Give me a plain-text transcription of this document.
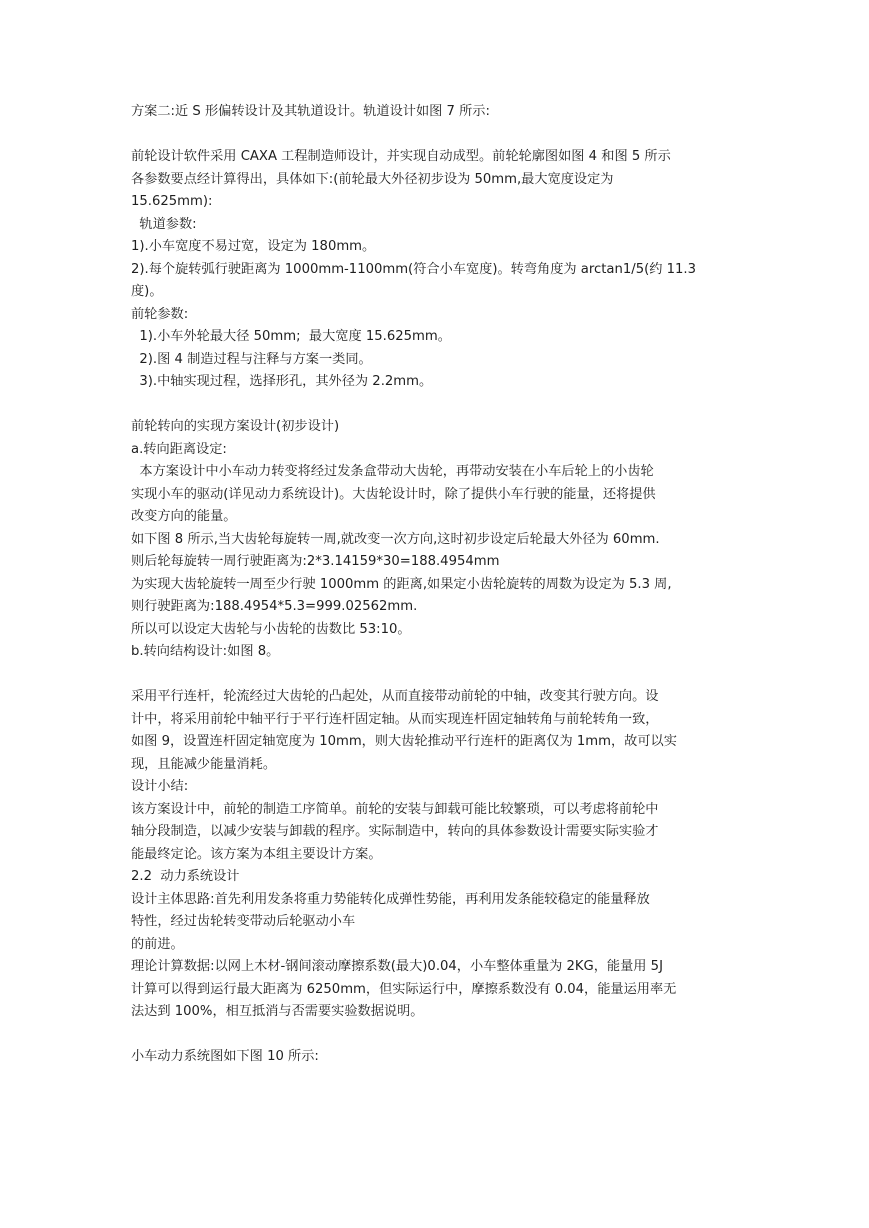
方案二:近 S 形偏转设计及其轨道设计。轨道设计如图 7 所示:

前轮设计软件采用 CAXA 工程制造师设计，并实现自动成型。前轮轮廓图如图 4 和图 5 所示

各参数要点经计算得出，具体如下:(前轮最大外径初步设为 50mm,最大宽度设定为

15.625mm):

轨道参数:

1).小车宽度不易过宽，设定为 180mm。

2).每个旋转弧行驶距离为 1000mm-1100mm(符合小车宽度)。转弯角度为 arctan1/5(约 11.3

度)。

前轮参数:

1).小车外轮最大径 50mm;  最大宽度 15.625mm。

2).图 4 制造过程与注释与方案一类同。

3).中轴实现过程，选择形孔，其外径为 2.2mm。

前轮转向的实现方案设计(初步设计)

a.转向距离设定:

本方案设计中小车动力转变将经过发条盒带动大齿轮，再带动安装在小车后轮上的小齿轮

实现小车的驱动(详见动力系统设计)。大齿轮设计时，除了提供小车行驶的能量，还将提供

改变方向的能量。

如下图 8 所示,当大齿轮每旋转一周,就改变一次方向,这时初步设定后轮最大外径为 60mm.

则后轮每旋转一周行驶距离为:2*3.14159*30=188.4954mm

为实现大齿轮旋转一周至少行驶 1000mm 的距离,如果定小齿轮旋转的周数为设定为 5.3 周,

则行驶距离为:188.4954*5.3=999.02562mm.

所以可以设定大齿轮与小齿轮的齿数比 53:10。

b.转向结构设计:如图 8。

采用平行连杆，轮流经过大齿轮的凸起处，从而直接带动前轮的中轴，改变其行驶方向。设

计中，将采用前轮中轴平行于平行连杆固定轴。从而实现连杆固定轴转角与前轮转角一致，

如图 9，设置连杆固定轴宽度为 10mm，则大齿轮推动平行连杆的距离仅为 1mm，故可以实

现，且能减少能量消耗。

设计小结:

该方案设计中，前轮的制造工序简单。前轮的安装与卸载可能比较繁琐，可以考虑将前轮中

轴分段制造，以减少安装与卸载的程序。实际制造中，转向的具体参数设计需要实际实验才

能最终定论。该方案为本组主要设计方案。

2.2  动力系统设计

设计主体思路:首先利用发条将重力势能转化成弹性势能，再利用发条能较稳定的能量释放

特性，经过齿轮转变带动后轮驱动小车

的前进。

理论计算数据:以网上木材-钢间滚动摩擦系数(最大)0.04，小车整体重量为 2KG，能量用 5J

计算可以得到运行最大距离为 6250mm，但实际运行中，摩擦系数没有 0.04，能量运用率无

法达到 100%，相互抵消与否需要实验数据说明。

小车动力系统图如下图 10 所示:
